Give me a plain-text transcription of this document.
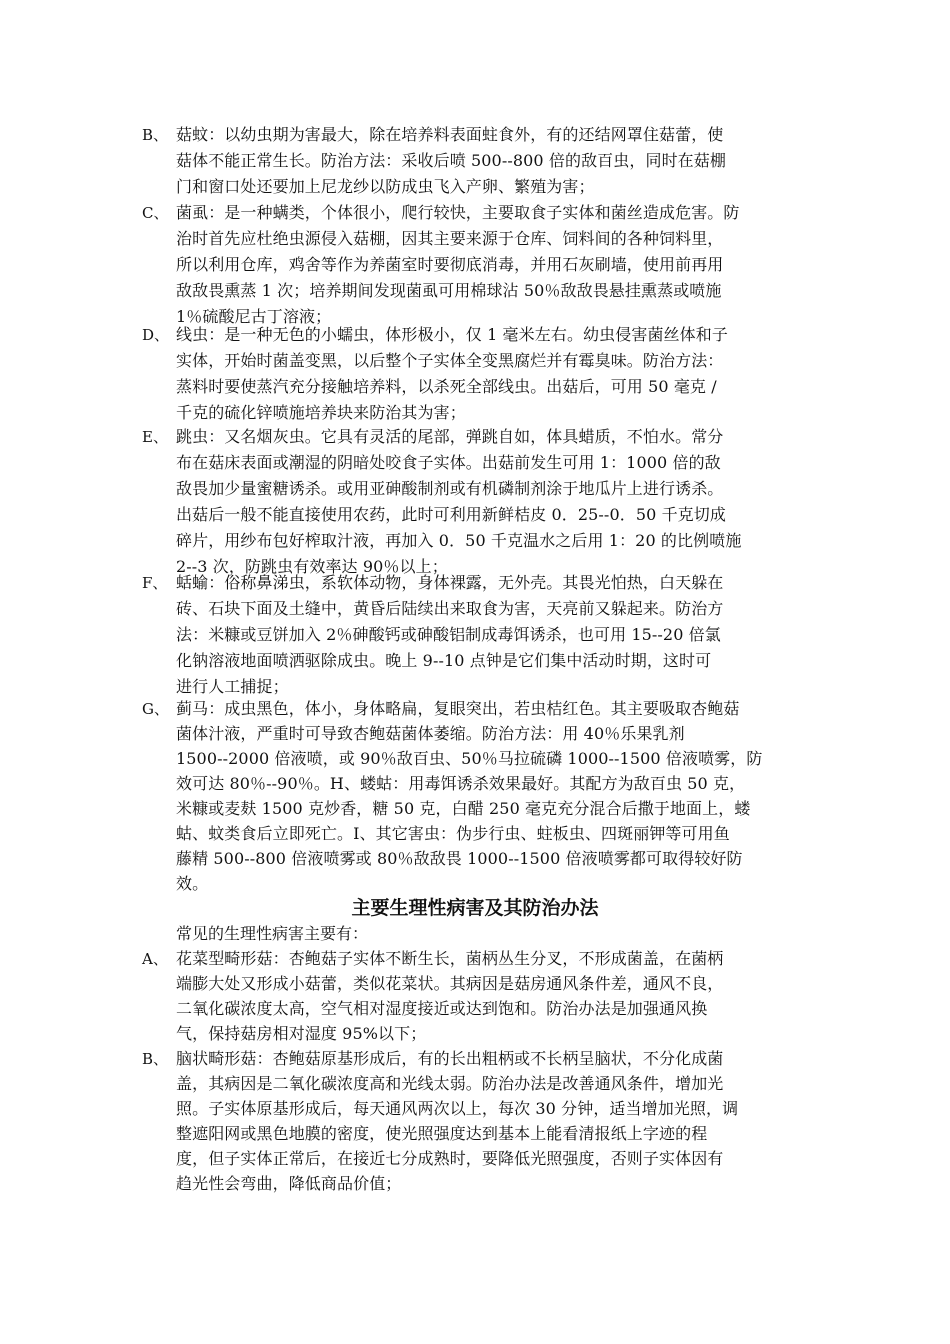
B、 菇蚊：以幼虫期为害最大，除在培养料表面蛀食外，有的还结网罩住菇蕾，使
菇体不能正常生长。防治方法：采收后喷 500--800 倍的敌百虫，同时在菇棚
门和窗口处还要加上尼龙纱以防成虫飞入产卵、繁殖为害；
C、 菌虱：是一种螨类，个体很小，爬行较快，主要取食子实体和菌丝造成危害。防
治时首先应杜绝虫源侵入菇棚，因其主要来源于仓库、饲料间的各种饲料里，
所以利用仓库，鸡舍等作为养菌室时要彻底消毒，并用石灰刷墙，使用前再用
敌敌畏熏蒸 1 次；培养期间发现菌虱可用棉球沾 50％敌敌畏悬挂熏蒸或喷施
1％硫酸尼古丁溶液；
D、 线虫：是一种无色的小蠕虫，体形极小，仅 1 毫米左右。幼虫侵害菌丝体和子
实体，开始时菌盖变黑，以后整个子实体全变黑腐烂并有霉臭味。防治方法：
蒸料时要使蒸汽充分接触培养料，以杀死全部线虫。出菇后，可用 50 毫克 /
千克的硫化锌喷施培养块来防治其为害；
E、 跳虫：又名烟灰虫。它具有灵活的尾部，弹跳自如，体具蜡质，不怕水。常分
布在菇床表面或潮湿的阴暗处咬食子实体。出菇前发生可用 1：1000 倍的敌
敌畏加少量蜜糖诱杀。或用亚砷酸制剂或有机磷制剂涂于地瓜片上进行诱杀。
出菇后一般不能直接使用农药，此时可利用新鲜桔皮 0．25--0．50 千克切成
碎片，用纱布包好榨取汁液，再加入 0．50 千克温水之后用 1：20 的比例喷施
2--3 次，防跳虫有效率达 90％以上；
F、 蛞蝓：俗称鼻涕虫，系软体动物，身体裸露，无外壳。其畏光怕热，白天躲在
砖、石块下面及土缝中，黄昏后陆续出来取食为害，天亮前又躲起来。防治方
法：米糠或豆饼加入 2％砷酸钙或砷酸铝制成毒饵诱杀，也可用 15--20 倍氯
化钠溶液地面喷洒驱除成虫。晚上 9--10 点钟是它们集中活动时期，这时可
进行人工捕捉；
G、 蓟马：成虫黑色，体小，身体略扁，复眼突出，若虫桔红色。其主要吸取杏鲍菇
菌体汁液，严重时可导致杏鲍菇菌体萎缩。防治方法：用 40％乐果乳剂
1500--2000 倍液喷，或 90％敌百虫、50％马拉硫磷 1000--1500 倍液喷雾，防
效可达 80％--90％。H、蝼蛄：用毒饵诱杀效果最好。其配方为敌百虫 50 克，
米糠或麦麸 1500 克炒香，糖 50 克，白醋 250 毫克充分混合后撒于地面上，蝼
蛄、蚊类食后立即死亡。I、其它害虫：伪步行虫、蛀板虫、四斑丽钾等可用鱼
藤精 500--800 倍液喷雾或 80％敌敌畏 1000--1500 倍液喷雾都可取得较好防
效。
主要生理性病害及其防治办法
常见的生理性病害主要有：
A、 花菜型畸形菇：杏鲍菇子实体不断生长，菌柄丛生分叉，不形成菌盖，在菌柄
端膨大处又形成小菇蕾，类似花菜状。其病因是菇房通风条件差，通风不良，
二氧化碳浓度太高，空气相对湿度接近或达到饱和。防治办法是加强通风换
气，保持菇房相对湿度 95%以下；
B、 脑状畸形菇：杏鲍菇原基形成后，有的长出粗柄或不长柄呈脑状，不分化成菌
盖，其病因是二氧化碳浓度高和光线太弱。防治办法是改善通风条件，增加光
照。子实体原基形成后，每天通风两次以上，每次 30 分钟，适当增加光照，调
整遮阳网或黑色地膜的密度，使光照强度达到基本上能看清报纸上字迹的程
度，但子实体正常后，在接近七分成熟时，要降低光照强度，否则子实体因有
趋光性会弯曲，降低商品价值；
